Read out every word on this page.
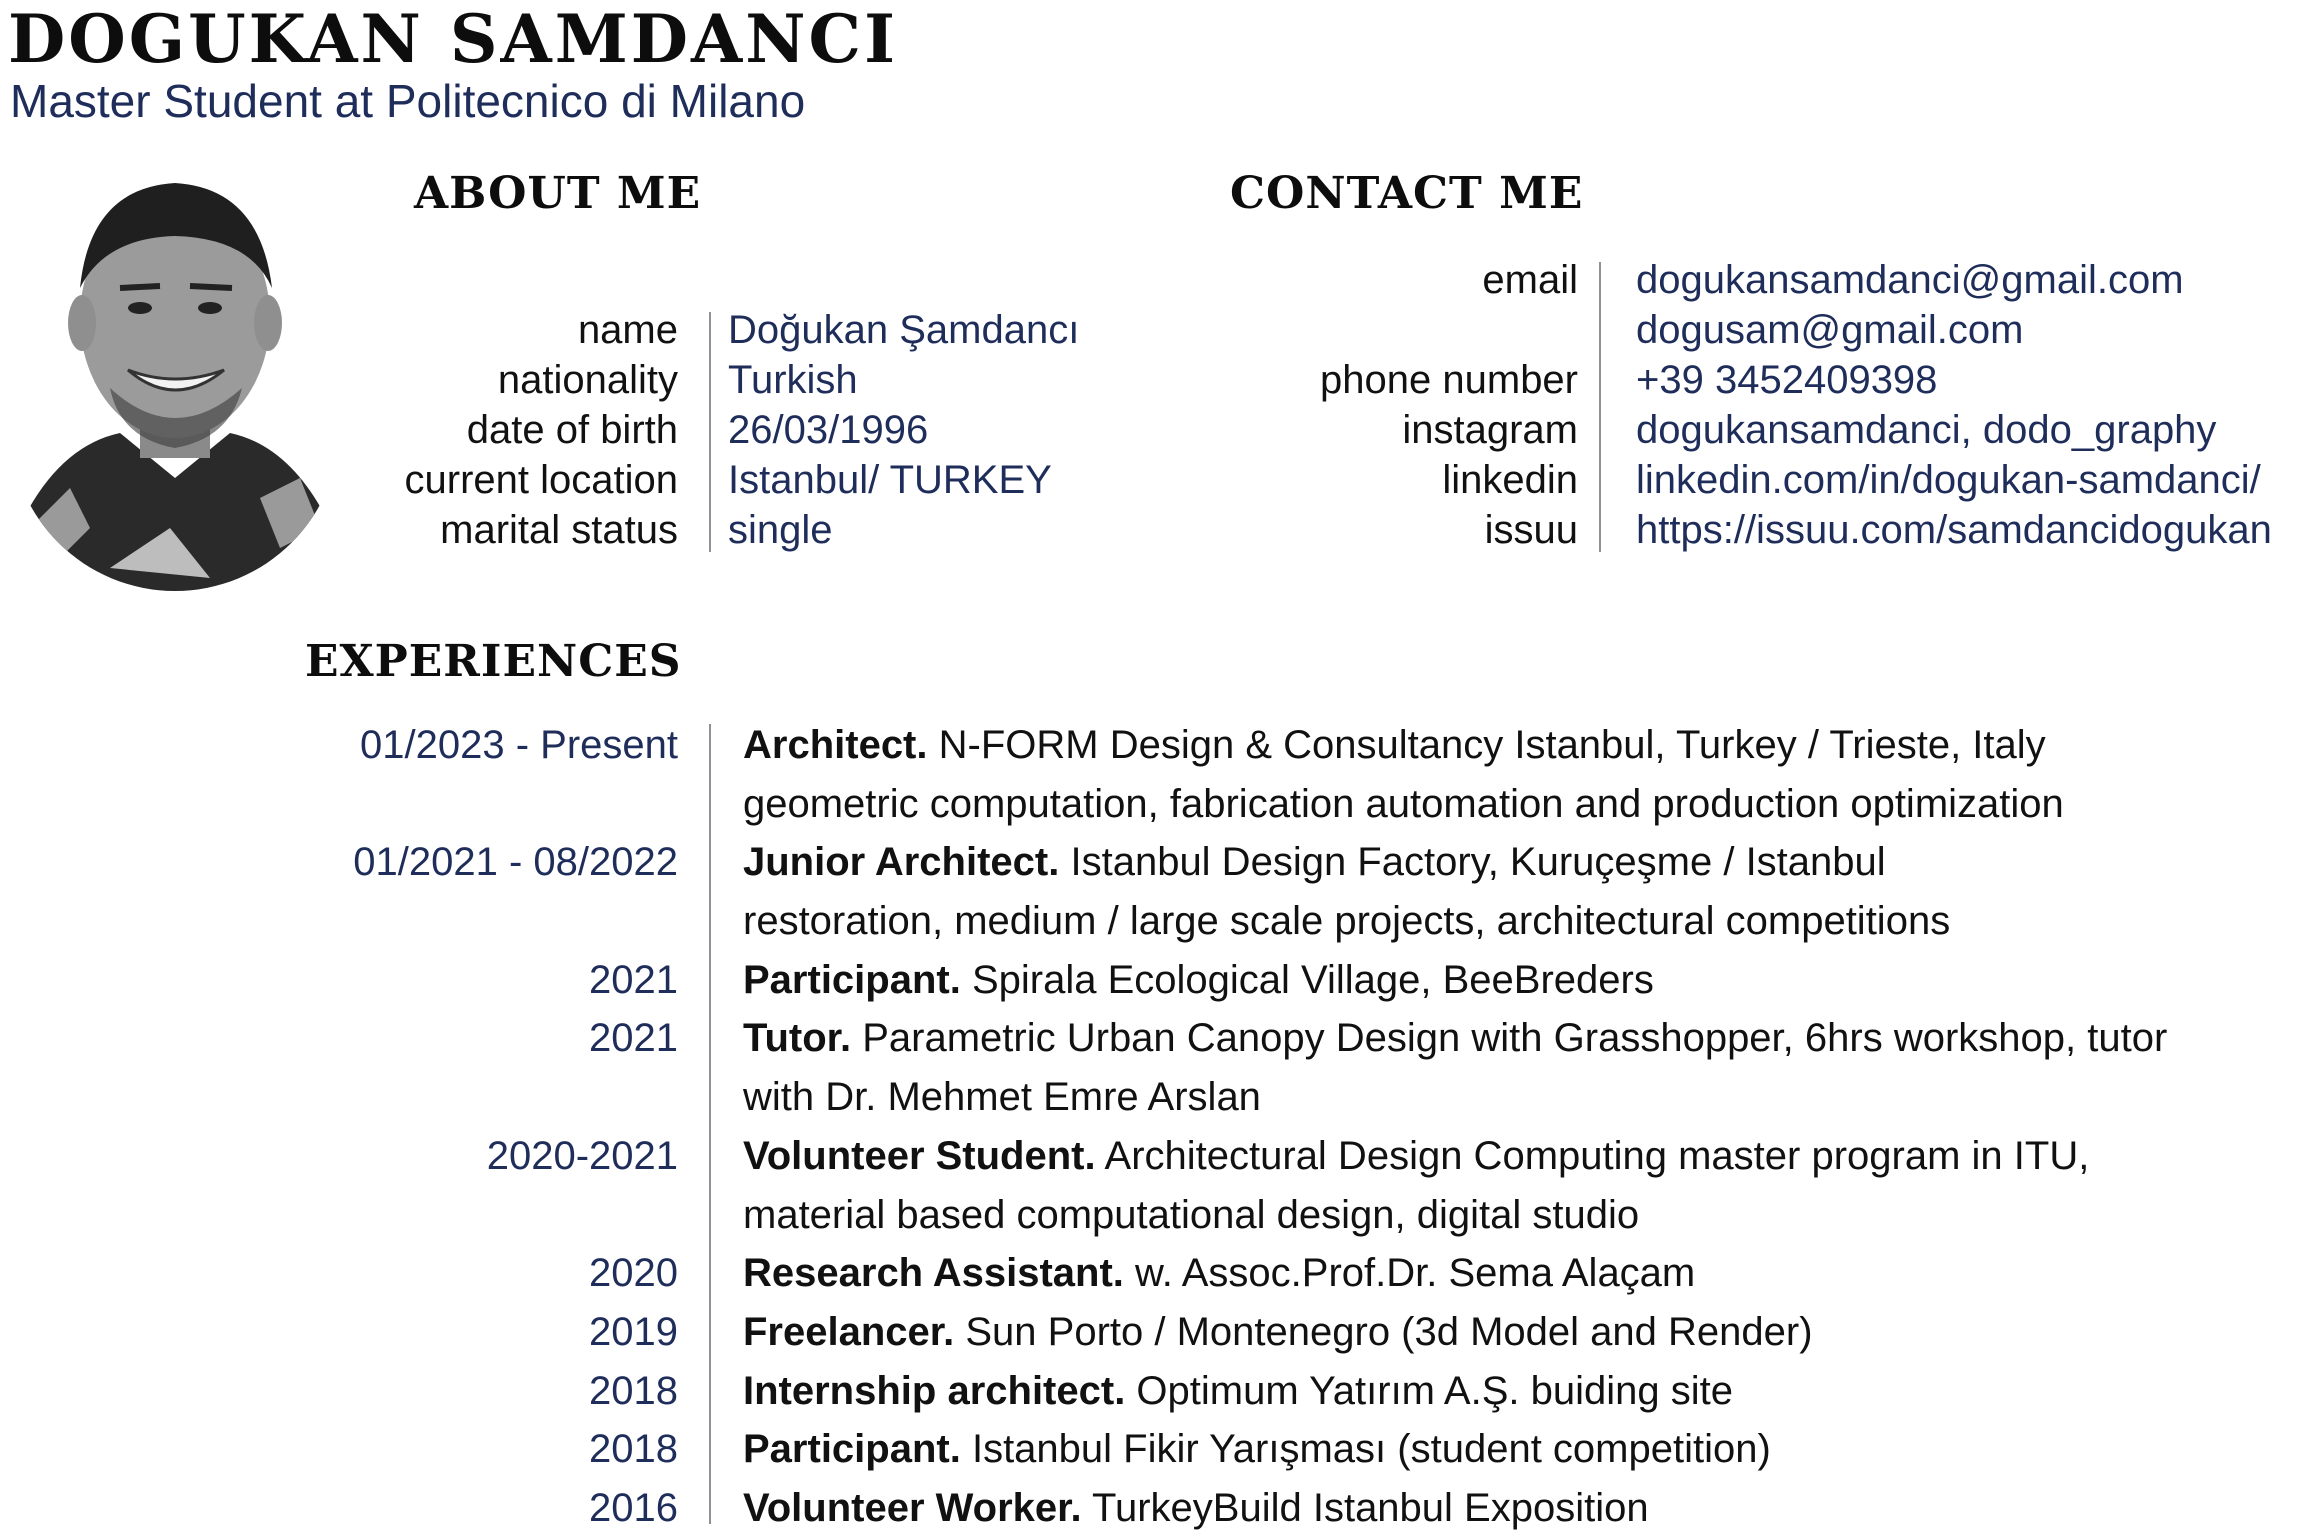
DOGUKAN SAMDANCI
Master Student at Politecnico di Milano
ABOUT ME	CONTACT ME
name
nationality
date of birth
current location
marital status
Doğukan Şamdancı
Turkish
26/03/1996
Istanbul/ TURKEY
single
email

phone number
instagram
linkedin
issuu
dogukansamdanci@gmail.com
dogusam@gmail.com
+39 3452409398
dogukansamdanci, dodo_graphy
linkedin.com/in/dogukan-samdanci/
https://issuu.com/samdancidogukan
EXPERIENCES
01/2023 - Present
01/2021 - 08/2022
2021
2021
2020-2021
2020
2019
2018
2018
2016
Architect. N-FORM Design & Consultancy Istanbul, Turkey / Trieste, Italy
geometric computation, fabrication automation and production optimization
Junior Architect. Istanbul Design Factory, Kuruçeşme / Istanbul
restoration, medium / large scale projects, architectural competitions
Participant. Spirala Ecological Village, BeeBreders
Tutor. Parametric Urban Canopy Design with Grasshopper, 6hrs workshop, tutor
with Dr. Mehmet Emre Arslan
Volunteer Student. Architectural Design Computing master program in ITU,
material based computational design, digital studio
Research Assistant. w. Assoc.Prof.Dr. Sema Alaçam
Freelancer. Sun Porto / Montenegro (3d Model and Render)
Internship architect. Optimum Yatırım A.Ş. buiding site
Participant. Istanbul Fikir Yarışması (student competition)
Volunteer Worker. TurkeyBuild Istanbul Exposition
